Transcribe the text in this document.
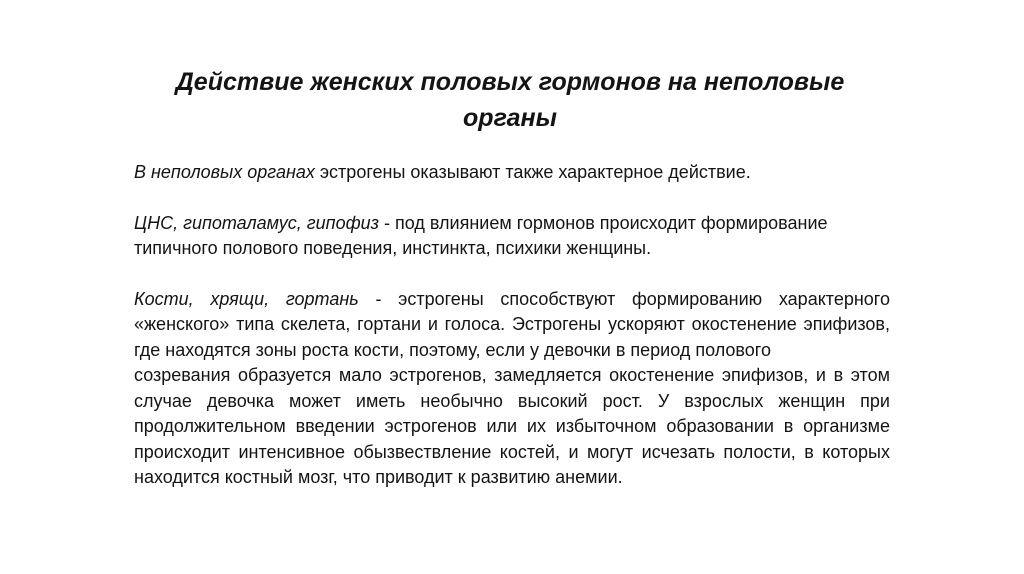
Действие женских половых гормонов на неполовые органы

В неполовых органах эстрогены оказывают также характерное действие.

ЦНС, гипоталамус, гипофиз - под влиянием гормонов происходит формирование типичного полового поведения, инстинкта, психики женщины.

Кости, хрящи, гортань - эстрогены способствуют формированию характерного «женского» типа скелета, гортани и голоса. Эстрогены ускоряют окостенение эпифизов, где находятся зоны роста кости, поэтому, если у девочки в период полового

созревания образуется мало эстрогенов, замедляется окостенение эпифизов, и в этом случае девочка может иметь необычно высокий рост. У взрослых женщин при продолжительном введении эстрогенов или их избыточном образовании в организме происходит интенсивное обызвествление костей, и могут исчезать полости, в которых находится костный мозг, что приводит к развитию анемии.
